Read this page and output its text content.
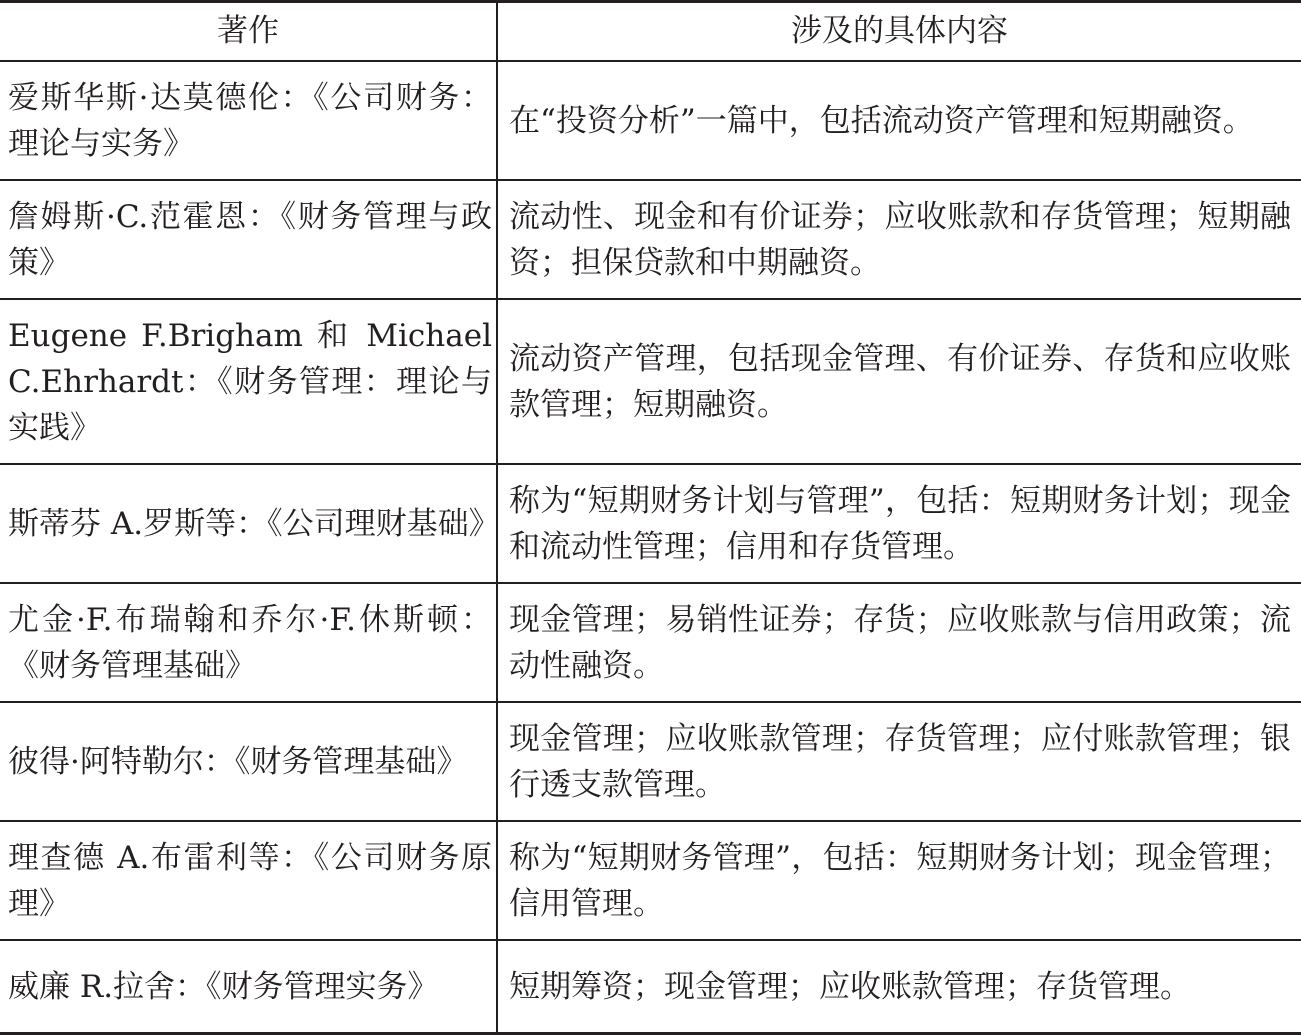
著作	涉及的具体内容
爱斯华斯·达莫德伦：《公司财务：理论与实务》	在“投资分析”一篇中，包括流动资产管理和短期融资。
詹姆斯·C.范霍恩：《财务管理与政策》	流动性、现金和有价证券；应收账款和存货管理；短期融资；担保贷款和中期融资。
Eugene F.Brigham 和 Michael C.Ehrhardt：《财务管理：理论与实践》	流动资产管理，包括现金管理、有价证券、存货和应收账款管理；短期融资。
斯蒂芬 A.罗斯等：《公司理财基础》	称为“短期财务计划与管理”，包括：短期财务计划；现金和流动性管理；信用和存货管理。
尤金·F.布瑞翰和乔尔·F.休斯顿：《财务管理基础》	现金管理；易销性证券；存货；应收账款与信用政策；流动性融资。
彼得·阿特勒尔：《财务管理基础》	现金管理；应收账款管理；存货管理；应付账款管理；银行透支款管理。
理查德 A.布雷利等：《公司财务原理》	称为“短期财务管理”，包括：短期财务计划；现金管理；信用管理。
威廉 R.拉舍：《财务管理实务》	短期筹资；现金管理；应收账款管理；存货管理。
